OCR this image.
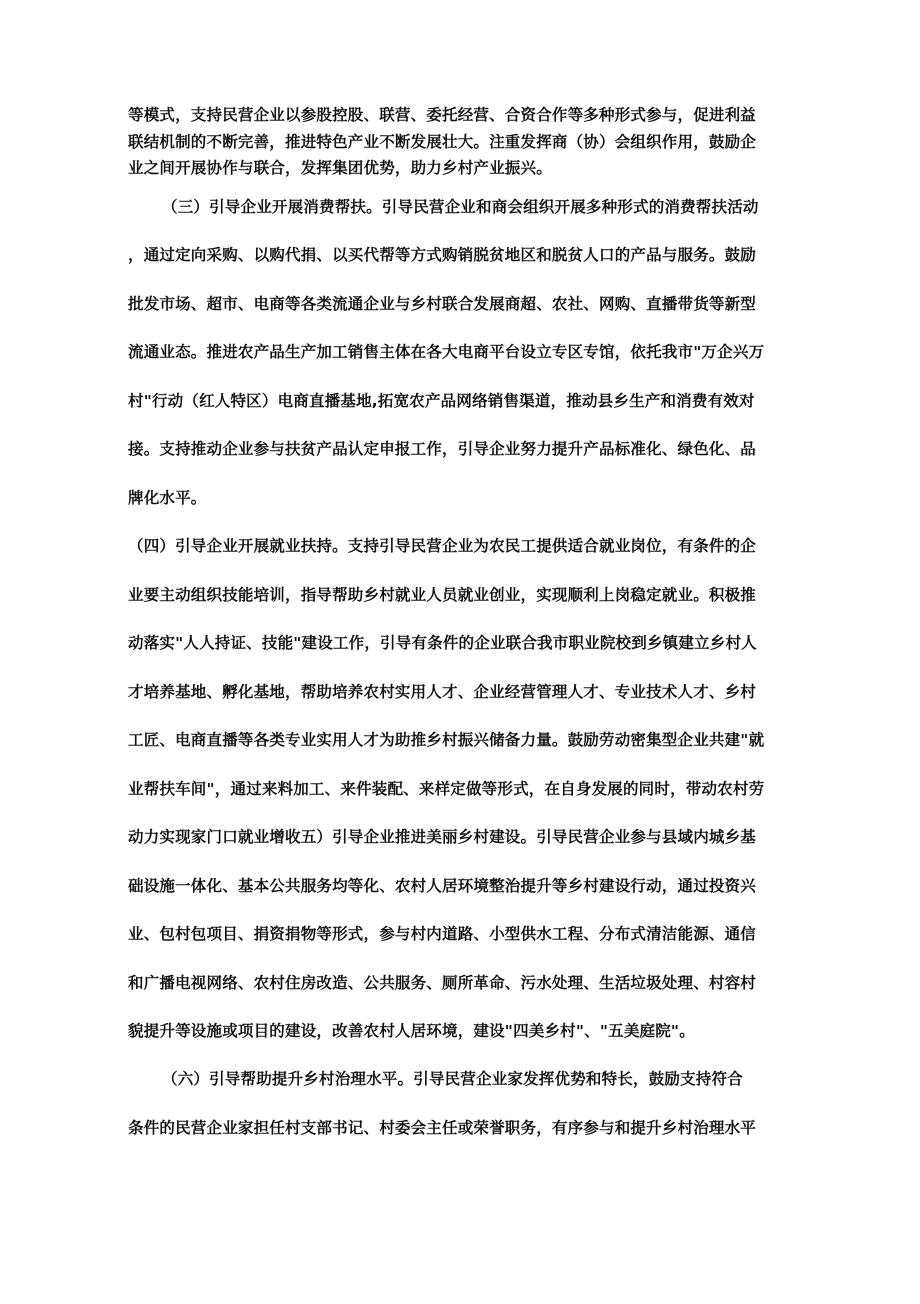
等模式，支持民营企业以参股控股、联营、委托经营、合资合作等多种形式参与，促进利益
联结机制的不断完善，推进特色产业不断发展壮大。注重发挥商（协）会组织作用，鼓励企
业之间开展协作与联合，发挥集团优势，助力乡村产业振兴。
（三）引导企业开展消费帮扶。引导民营企业和商会组织开展多种形式的消费帮扶活动
，通过定向采购、以购代捐、以买代帮等方式购销脱贫地区和脱贫人口的产品与服务。鼓励
批发市场、超市、电商等各类流通企业与乡村联合发展商超、农社、网购、直播带货等新型
流通业态。推进农产品生产加工销售主体在各大电商平台设立专区专馆，依托我市"万企兴万
村"行动（红人特区）电商直播基地,拓宽农产品网络销售渠道，推动县乡生产和消费有效对
接。支持推动企业参与扶贫产品认定申报工作，引导企业努力提升产品标准化、绿色化、品
牌化水平。
（四）引导企业开展就业扶持。支持引导民营企业为农民工提供适合就业岗位，有条件的企
业要主动组织技能培训，指导帮助乡村就业人员就业创业，实现顺利上岗稳定就业。积极推
动落实"人人持证、技能"建设工作，引导有条件的企业联合我市职业院校到乡镇建立乡村人
才培养基地、孵化基地，帮助培养农村实用人才、企业经营管理人才、专业技术人才、乡村
工匠、电商直播等各类专业实用人才为助推乡村振兴储备力量。鼓励劳动密集型企业共建"就
业帮扶车间"，通过来料加工、来件装配、来样定做等形式，在自身发展的同时，带动农村劳
动力实现家门口就业增收五）引导企业推进美丽乡村建设。引导民营企业参与县域内城乡基
础设施一体化、基本公共服务均等化、农村人居环境整治提升等乡村建设行动，通过投资兴
业、包村包项目、捐资捐物等形式，参与村内道路、小型供水工程、分布式清洁能源、通信
和广播电视网络、农村住房改造、公共服务、厕所革命、污水处理、生活垃圾处理、村容村
貌提升等设施或项目的建设，改善农村人居环境，建设"四美乡村"、"五美庭院"。
（六）引导帮助提升乡村治理水平。引导民营企业家发挥优势和特长，鼓励支持符合
条件的民营企业家担任村支部书记、村委会主任或荣誉职务，有序参与和提升乡村治理水平
